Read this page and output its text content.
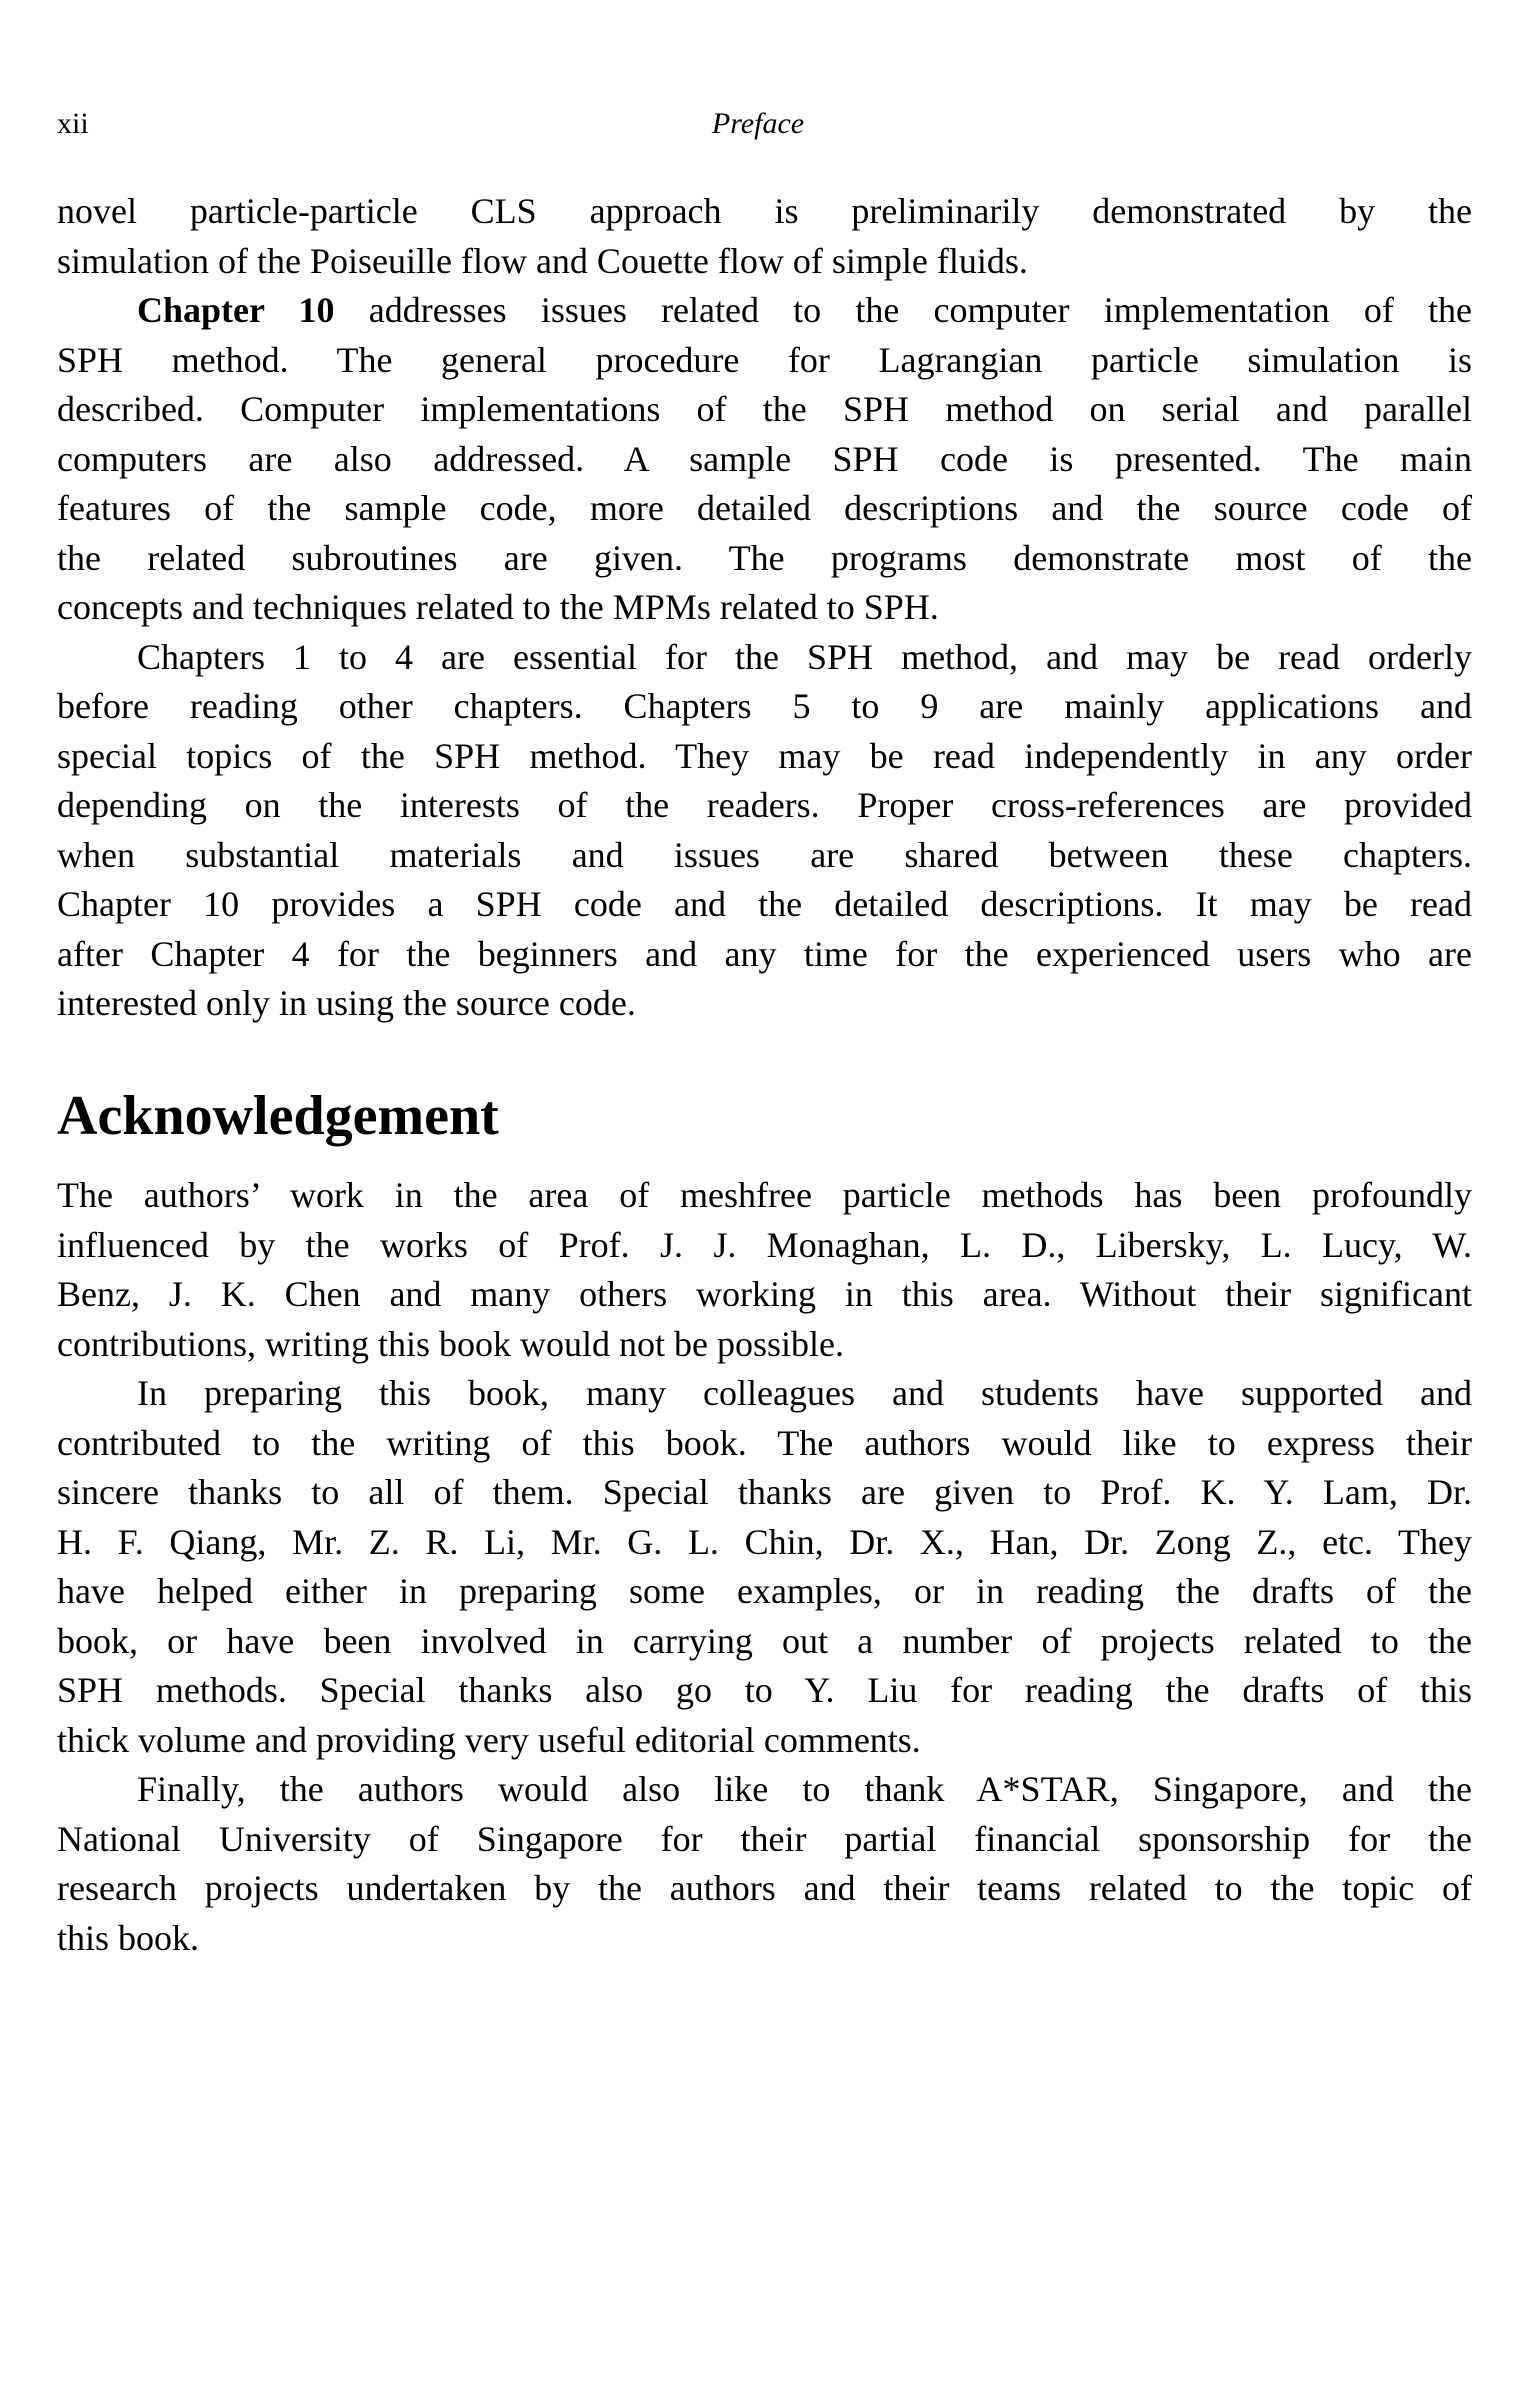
xii	Preface
novel particle-particle CLS approach is preliminarily demonstrated by the
simulation of the Poiseuille flow and Couette flow of simple fluids.
Chapter 10 addresses issues related to the computer implementation of the
SPH method. The general procedure for Lagrangian particle simulation is
described. Computer implementations of the SPH method on serial and parallel
computers are also addressed. A sample SPH code is presented. The main
features of the sample code, more detailed descriptions and the source code of
the related subroutines are given. The programs demonstrate most of the
concepts and techniques related to the MPMs related to SPH.
Chapters 1 to 4 are essential for the SPH method, and may be read orderly
before reading other chapters. Chapters 5 to 9 are mainly applications and
special topics of the SPH method. They may be read independently in any order
depending on the interests of the readers. Proper cross-references are provided
when substantial materials and issues are shared between these chapters.
Chapter 10 provides a SPH code and the detailed descriptions. It may be read
after Chapter 4 for the beginners and any time for the experienced users who are
interested only in using the source code.
Acknowledgement
The authors’ work in the area of meshfree particle methods has been profoundly
influenced by the works of Prof. J. J. Monaghan, L. D., Libersky, L. Lucy, W.
Benz, J. K. Chen and many others working in this area. Without their significant
contributions, writing this book would not be possible.
In preparing this book, many colleagues and students have supported and
contributed to the writing of this book. The authors would like to express their
sincere thanks to all of them. Special thanks are given to Prof. K. Y. Lam, Dr.
H. F. Qiang, Mr. Z. R. Li, Mr. G. L. Chin, Dr. X., Han, Dr. Zong Z., etc. They
have helped either in preparing some examples, or in reading the drafts of the
book, or have been involved in carrying out a number of projects related to the
SPH methods. Special thanks also go to Y. Liu for reading the drafts of this
thick volume and providing very useful editorial comments.
Finally, the authors would also like to thank A*STAR, Singapore, and the
National University of Singapore for their partial financial sponsorship for the
research projects undertaken by the authors and their teams related to the topic of
this book.
